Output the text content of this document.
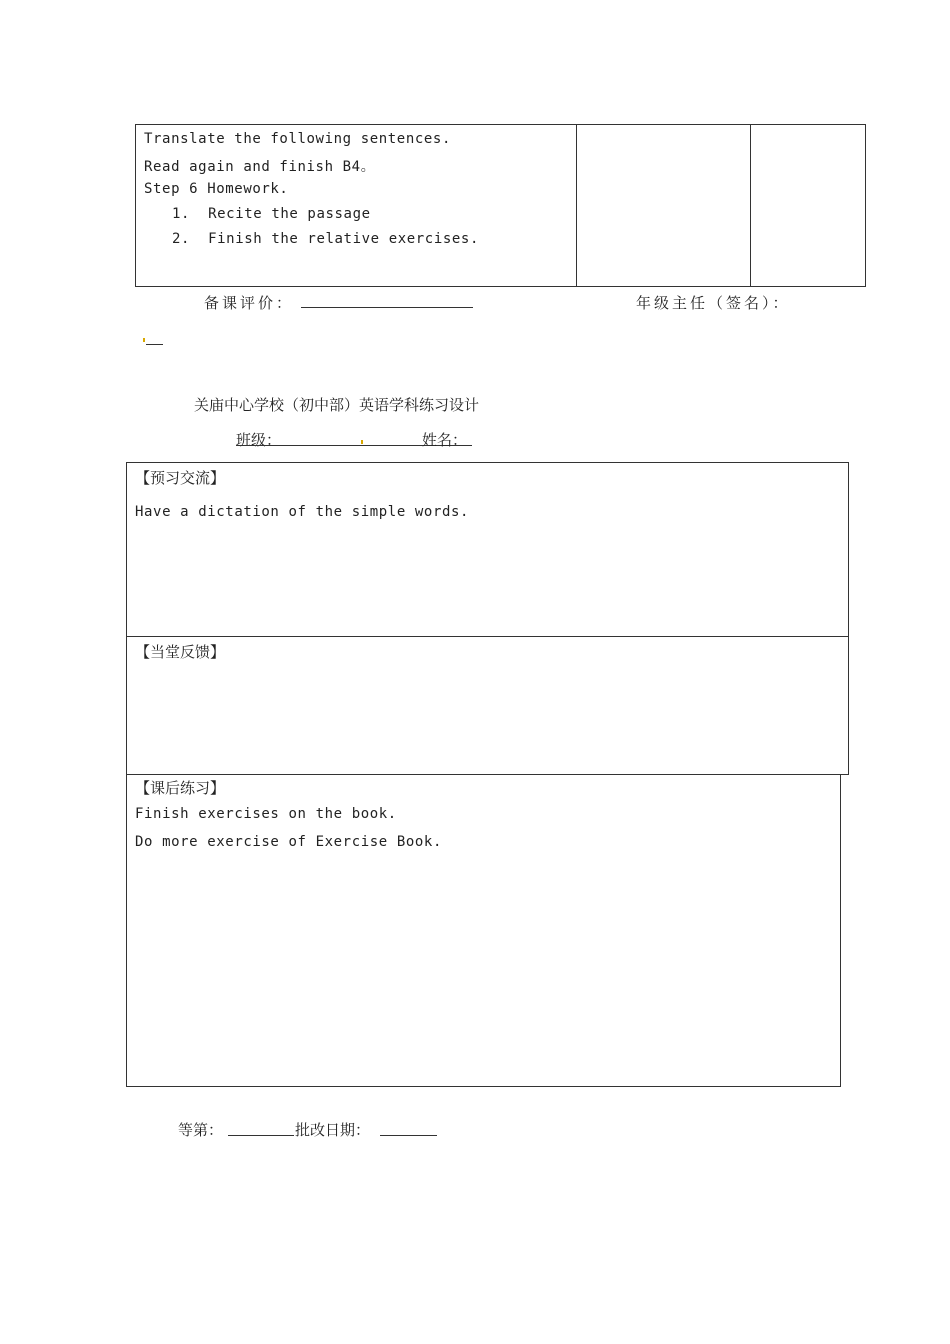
Translate the following sentences.
Read again and finish B4。
Step 6 Homework.
1.  Recite the passage
2.  Finish the relative exercises.
备课评价：	年级主任（签名）：
关庙中心学校（初中部）英语学科练习设计
班级：	姓名：
【预习交流】
Have a dictation of the simple words.
【当堂反馈】
【课后练习】
Finish exercises on the book.
Do more exercise of Exercise Book.
等第：	批改日期：
